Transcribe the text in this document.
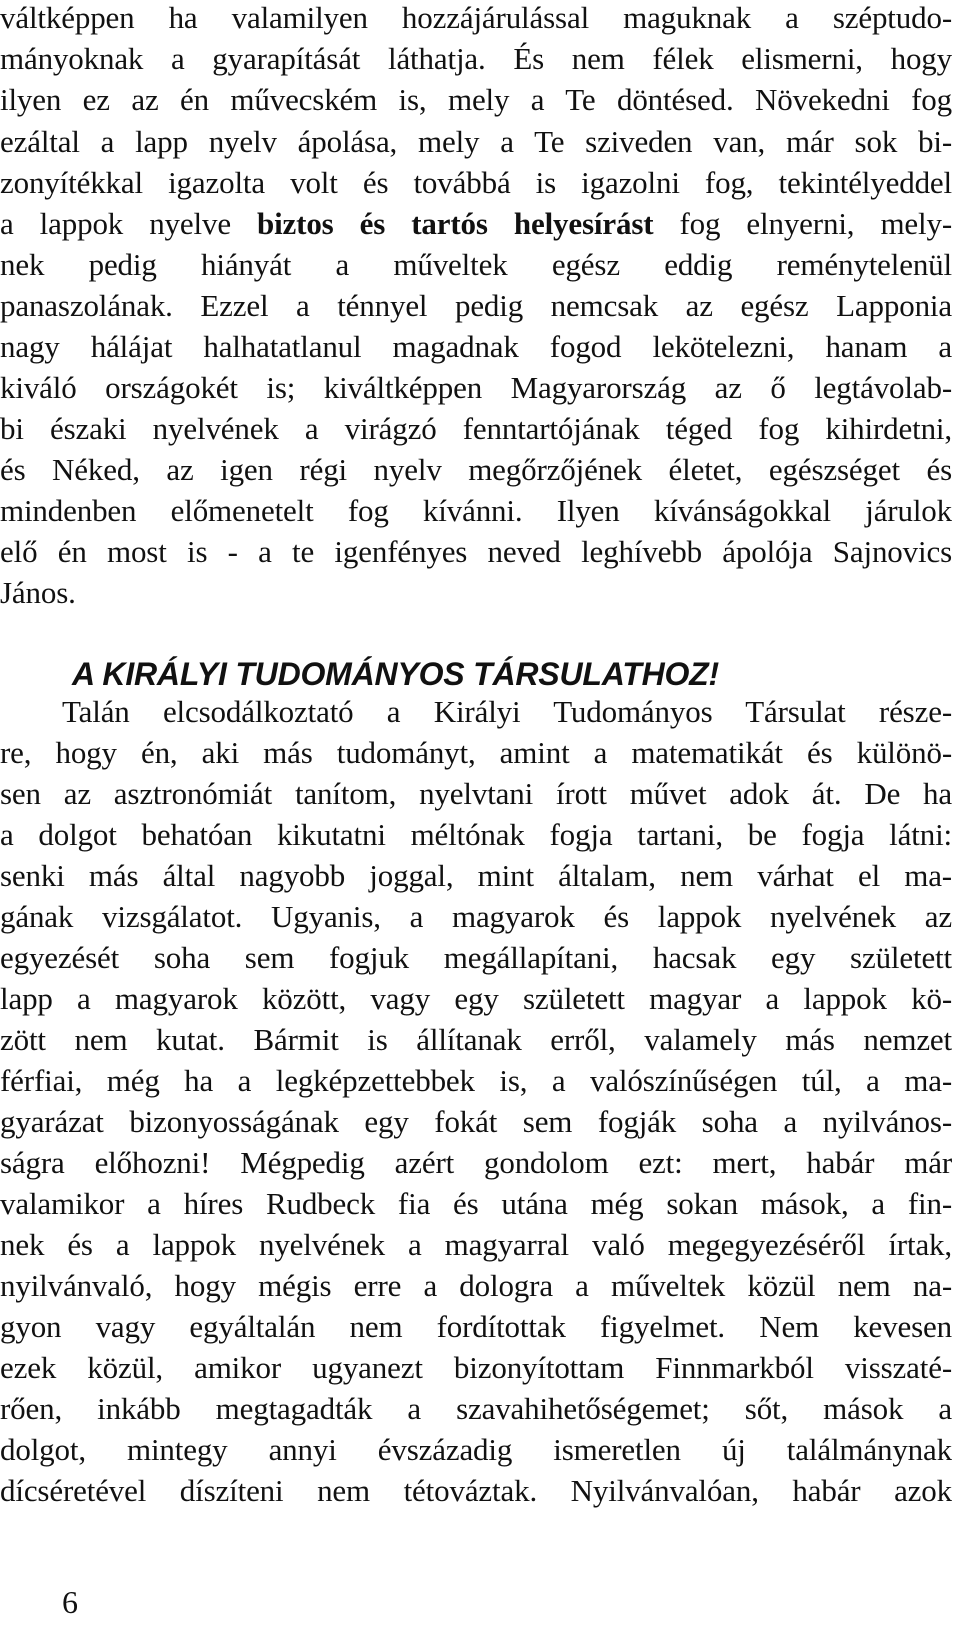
váltképpen ha valamilyen hozzájárulással maguknak a széptudo-
mányoknak a gyarapítását láthatja. És nem félek elismerni, hogy
ilyen ez az én művecském is, mely a Te döntésed. Növekedni fog
ezáltal a lapp nyelv ápolása, mely a Te sziveden van, már sok bi-
zonyítékkal igazolta volt és továbbá is igazolni fog, tekintélyeddel
a lappok nyelve biztos és tartós helyesírást fog elnyerni, mely-
nek pedig hiányát a műveltek egész eddig reménytelenül
panaszolának. Ezzel a ténnyel pedig nemcsak az egész Lapponia
nagy hálájat halhatatlanul magadnak fogod lekötelezni, hanam a
kiváló országokét is; kiváltképpen Magyarország az ő legtávolab-
bi északi nyelvének a virágzó fenntartójának téged fog kihirdetni,
és Néked, az igen régi nyelv megőrzőjének életet, egészséget és
mindenben előmenetelt fog kívánni. Ilyen kívánságokkal járulok
elő én most is - a te igenfényes neved leghívebb ápolója Sajnovics
János.
A KIRÁLYI TUDOMÁNYOS TÁRSULATHOZ!
Talán elcsodálkoztató a Királyi Tudományos Társulat része-
re, hogy én, aki más tudományt, amint a matematikát és különö-
sen az asztronómiát tanítom, nyelvtani írott művet adok át. De ha
a dolgot behatóan kikutatni méltónak fogja tartani, be fogja látni:
senki más által nagyobb joggal, mint általam, nem várhat el ma-
gának vizsgálatot. Ugyanis, a magyarok és lappok nyelvének az
egyezését soha sem fogjuk megállapítani, hacsak egy született
lapp a magyarok között, vagy egy született magyar a lappok kö-
zött nem kutat. Bármit is állítanak erről, valamely más nemzet
férfiai, még ha a legképzettebbek is, a valószínűségen túl, a ma-
gyarázat bizonyosságának egy fokát sem fogják soha a nyilvános-
ságra előhozni! Mégpedig azért gondolom ezt: mert, habár már
valamikor a híres Rudbeck fia és utána még sokan mások, a fin-
nek és a lappok nyelvének a magyarral való megegyezéséről írtak,
nyilvánvaló, hogy mégis erre a dologra a műveltek közül nem na-
gyon vagy egyáltalán nem fordítottak figyelmet. Nem kevesen
ezek közül, amikor ugyanezt bizonyítottam Finnmarkból visszaté-
rően, inkább megtagadták a szavahihetőségemet; sőt, mások a
dolgot, mintegy annyi évszázadig ismeretlen új találmánynak
dícséretével díszíteni nem tétováztak. Nyilvánvalóan, habár azok
6
